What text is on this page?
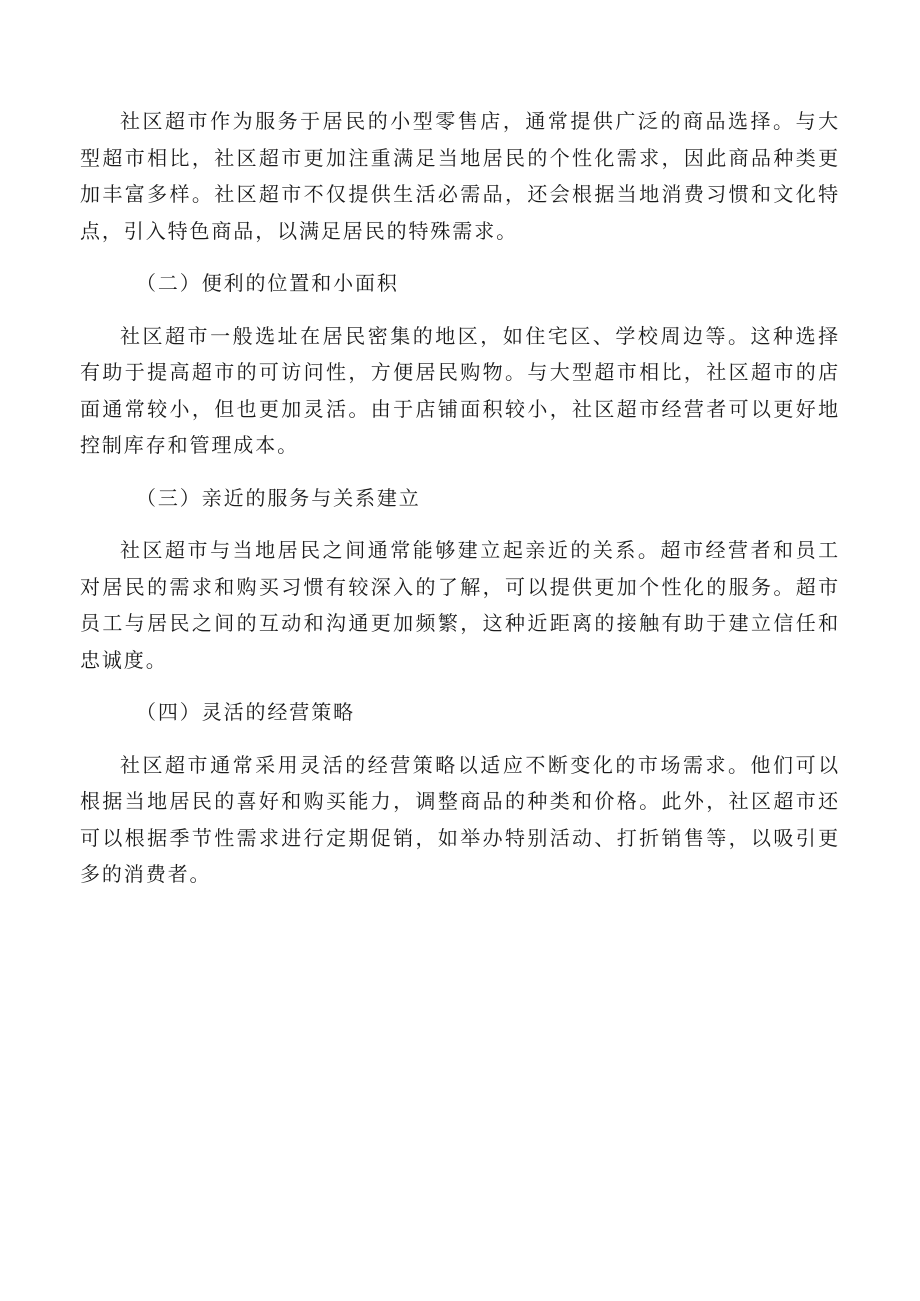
社区超市作为服务于居民的小型零售店，通常提供广泛的商品选择。与大型超市相比，社区超市更加注重满足当地居民的个性化需求，因此商品种类更加丰富多样。社区超市不仅提供生活必需品，还会根据当地消费习惯和文化特点，引入特色商品，以满足居民的特殊需求。

（二）便利的位置和小面积

社区超市一般选址在居民密集的地区，如住宅区、学校周边等。这种选择有助于提高超市的可访问性，方便居民购物。与大型超市相比，社区超市的店面通常较小，但也更加灵活。由于店铺面积较小，社区超市经营者可以更好地控制库存和管理成本。

（三）亲近的服务与关系建立

社区超市与当地居民之间通常能够建立起亲近的关系。超市经营者和员工对居民的需求和购买习惯有较深入的了解，可以提供更加个性化的服务。超市员工与居民之间的互动和沟通更加频繁，这种近距离的接触有助于建立信任和忠诚度。

（四）灵活的经营策略

社区超市通常采用灵活的经营策略以适应不断变化的市场需求。他们可以根据当地居民的喜好和购买能力，调整商品的种类和价格。此外，社区超市还可以根据季节性需求进行定期促销，如举办特别活动、打折销售等，以吸引更多的消费者。
